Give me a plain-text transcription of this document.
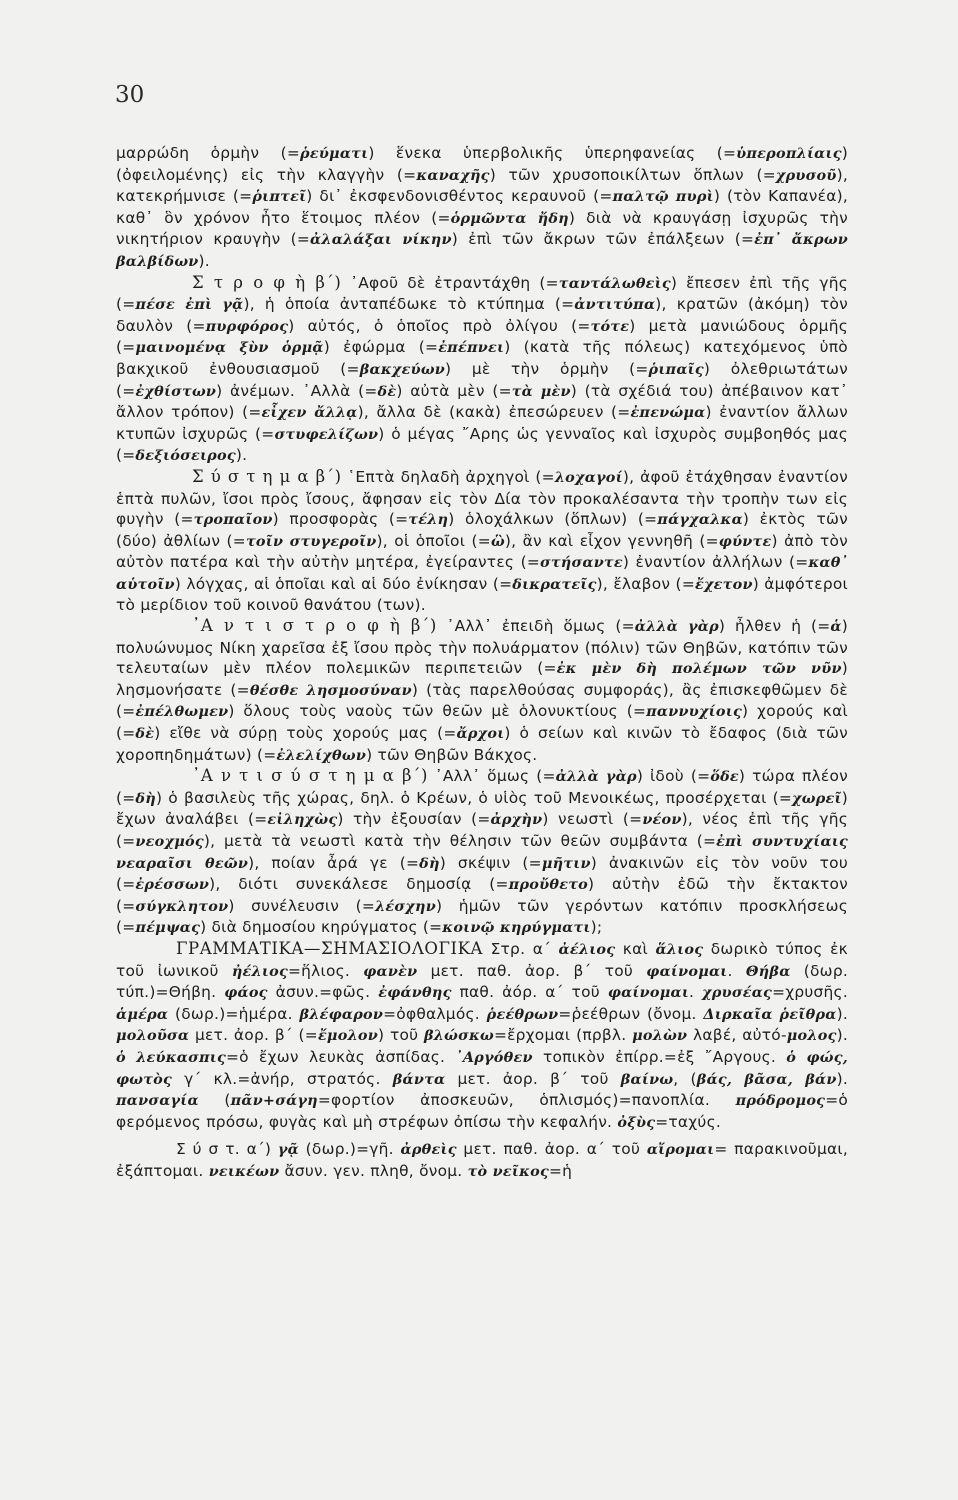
30

μαρρώδη ὁρμὴν (=ῥεύματι) ἕνεκα ὑπερβολικῆς ὑπερηφανείας (=ὑπεροπλίαις) (ὀφειλομένης) εἰς τὴν κλαγγὴν (=καναχῆς) τῶν χρυσοποικίλτων ὅπλων (=χρυσοῦ), κατεκρήμνισε (=ῥιπτεῖ) δι᾽ ἐκσφενδονισθέντος κεραυνοῦ (=παλτῷ πυρὶ) (τὸν Καπανέα), καθ᾽ ὃν χρόνον ἦτο ἕτοιμος πλέον (=ὁρμῶντα ἤδη) διὰ νὰ κραυγάσῃ ἰσχυρῶς τὴν νικητήριον κραυγὴν (=ἀλαλάξαι νίκην) ἐπὶ τῶν ἄκρων τῶν ἐπάλξεων (=ἐπ᾽ ἄκρων βαλβίδων).

Σ τ ρ ο φ ὴ β΄) ᾿Αφοῦ δὲ ἐτραντάχθη (=ταντάλωθεὶς) ἔπεσεν ἐπὶ τῆς γῆς (=πέσε ἐπὶ γᾷ), ἡ ὁποία ἀνταπέδωκε τὸ κτύπημα (=ἀντιτύπα), κρατῶν (ἀκόμη) τὸν δαυλὸν (=πυρφόρος) αὐτός, ὁ ὁποῖος πρὸ ὀλίγου (=τότε) μετὰ μανιώδους ὁρμῆς (=μαινομένᾳ ξὺν ὁρμᾷ) ἐφώρμα (=ἐπέπνει) (κατὰ τῆς πόλεως) κατεχόμενος ὑπὸ βακχικοῦ ἐνθουσιασμοῦ (=βακχεύων) μὲ τὴν ὁρμὴν (=ῥιπαῖς) ὀλεθριωτάτων (=ἐχθίστων) ἀνέμων. ᾿Αλλὰ (=δὲ) αὐτὰ μὲν (=τὰ μὲν) (τὰ σχέδιά του) ἀπέβαινον κατ᾽ ἄλλον τρόπον) (=εἶχεν ἄλλᾳ), ἄλλα δὲ (κακὰ) ἐπεσώρευεν (=ἐπενώμα) ἐναντίον ἄλλων κτυπῶν ἰσχυρῶς (=στυφελίζων) ὁ μέγας ῎Αρης ὡς γενναῖος καὶ ἰσχυρὸς συμβοηθός μας (=δεξιόσειρος).

Σ ύ σ τ η μ α β΄) ῾Επτὰ δηλαδὴ ἀρχηγοὶ (=λοχαγοί), ἀφοῦ ἐτάχθησαν ἐναντίον ἑπτὰ πυλῶν, ἴσοι πρὸς ἴσους, ἄφησαν εἰς τὸν Δία τὸν προκαλέσαντα τὴν τροπὴν των εἰς φυγὴν (=τροπαῖον) προσφορὰς (=τέλη) ὁλοχάλκων (ὅπλων) (=πάγχαλκα) ἐκτὸς τῶν (δύο) ἀθλίων (=τοῖν στυγεροῖν), οἱ ὁποῖοι (=ὣ), ἂν καὶ εἶχον γεννηθῆ (=φύντε) ἀπὸ τὸν αὐτὸν πατέρα καὶ τὴν αὐτὴν μητέρα, ἐγείραντες (=στήσαντε) ἐναντίον ἀλλήλων (=καθ᾽ αὑτοῖν) λόγχας, αἱ ὁποῖαι καὶ αἱ δύο ἐνίκησαν (=δικρατεῖς), ἔλαβον (=ἔχετον) ἀμφότεροι τὸ μερίδιον τοῦ κοινοῦ θανάτου (των).

᾿Α ν τ ι σ τ ρ ο φ ὴ β΄) ᾿Αλλ᾽ ἐπειδὴ ὅμως (=ἀλλὰ γὰρ) ἦλθεν ἡ (=ἁ) πολυώνυμος Νίκη χαρεῖσα ἐξ ἴσου πρὸς τὴν πολυάρματον (πόλιν) τῶν Θηβῶν, κατόπιν τῶν τελευταίων μὲν πλέον πολεμικῶν περιπετειῶν (=ἐκ μὲν δὴ πολέμων τῶν νῦν) λησμονήσατε (=θέσθε λησμοσύναν) (τὰς παρελθούσας συμφοράς), ἂς ἐπισκεφθῶμεν δὲ (=ἐπέλθωμεν) ὅλους τοὺς ναοὺς τῶν θεῶν μὲ ὁλονυκτίους (=παννυχίοις) χορούς καὶ (=δὲ) εἴθε νὰ σύρῃ τοὺς χορούς μας (=ἄρχοι) ὁ σείων καὶ κινῶν τὸ ἔδαφος (διὰ τῶν χοροπηδημάτων) (=ἐλελίχθων) τῶν Θηβῶν Βάκχος.

᾿Α ν τ ι σ ύ σ τ η μ α β΄) ᾿Αλλ᾽ ὅμως (=ἀλλὰ γὰρ) ἰδοὺ (=ὅδε) τώρα πλέον (=δὴ) ὁ βασιλεὺς τῆς χώρας, δηλ. ὁ Κρέων, ὁ υἱὸς τοῦ Μενοικέως, προσέρχεται (=χωρεῖ) ἔχων ἀναλάβει (=εἰληχὼς) τὴν ἐξουσίαν (=ἀρχὴν) νεωστὶ (=νέον), νέος ἐπὶ τῆς γῆς (=νεοχμός), μετὰ τὰ νεωστὶ κατὰ τὴν θέλησιν τῶν θεῶν συμβάντα (=ἐπὶ συντυχίαις νεαραῖσι θεῶν), ποίαν ἆρά γε (=δὴ) σκέψιν (=μῆτιν) ἀνακινῶν εἰς τὸν νοῦν του (=ἐρέσσων), διότι συνεκάλεσε δημοσίᾳ (=προὔθετο) αὐτὴν ἐδῶ τὴν ἔκτακτον (=σύγκλητον) συνέλευσιν (=λέσχην) ἡμῶν τῶν γερόντων κατόπιν προσκλήσεως (=πέμψας) διὰ δημοσίου κηρύγματος (=κοινῷ κηρύγματι);

ΓΡΑΜΜΑΤΙΚΑ—ΣΗΜΑΣΙΟΛΟΓΙΚΑ Στρ. α΄ ἀέλιος καὶ ἅλιος δωρικὸ τύπος ἐκ τοῦ ἰωνικοῦ ἠέλιος=ἥλιος. φανὲν μετ. παθ. ἀορ. β΄ τοῦ φαίνομαι. Θήβα (δωρ. τύπ.)=Θήβη. φάος ἀσυν.=φῶς. ἐφάνθης παθ. ἀόρ. α΄ τοῦ φαίνομαι. χρυσέας=χρυσῆς. ἁμέρα (δωρ.)=ἡμέρα. βλέφαρον=ὀφθαλμός. ῥεέθρων=ῥεέθρων (ὄνομ. Διρκαῖα ῥεῖθρα). μολοῦσα μετ. ἀορ. β΄ (=ἔμολον) τοῦ βλώσκω=ἔρχομαι (πρβλ. μολὼν λαβέ, αὐτό-μολος). ὁ λεύκασπις=ὁ ἔχων λευκὰς ἀσπίδας. ᾿Αργόθεν τοπικὸν ἐπίρρ.=ἐξ ῎Αργους. ὁ φώς, φωτὸς γ΄ κλ.=ἀνήρ, στρατός. βάντα μετ. ἀορ. β΄ τοῦ βαίνω, (βάς, βᾶσα, βάν). πανσαγία (πᾶν+σάγη=φορτίον ἀποσκευῶν, ὁπλισμός)=πανοπλία. πρόδρομος=ὁ φερόμενος πρόσω, φυγὰς καὶ μὴ στρέφων ὀπίσω τὴν κεφαλήν. ὀξὺς=ταχύς.

Σ ύ σ τ. α΄) γᾷ (δωρ.)=γῆ. ἀρθεὶς μετ. παθ. ἀορ. α΄ τοῦ αἴρομαι= παρακινοῦμαι, ἐξάπτομαι. νεικέων ἄσυν. γεν. πληθ, ὄνομ. τὸ νεῖκος=ἡ
